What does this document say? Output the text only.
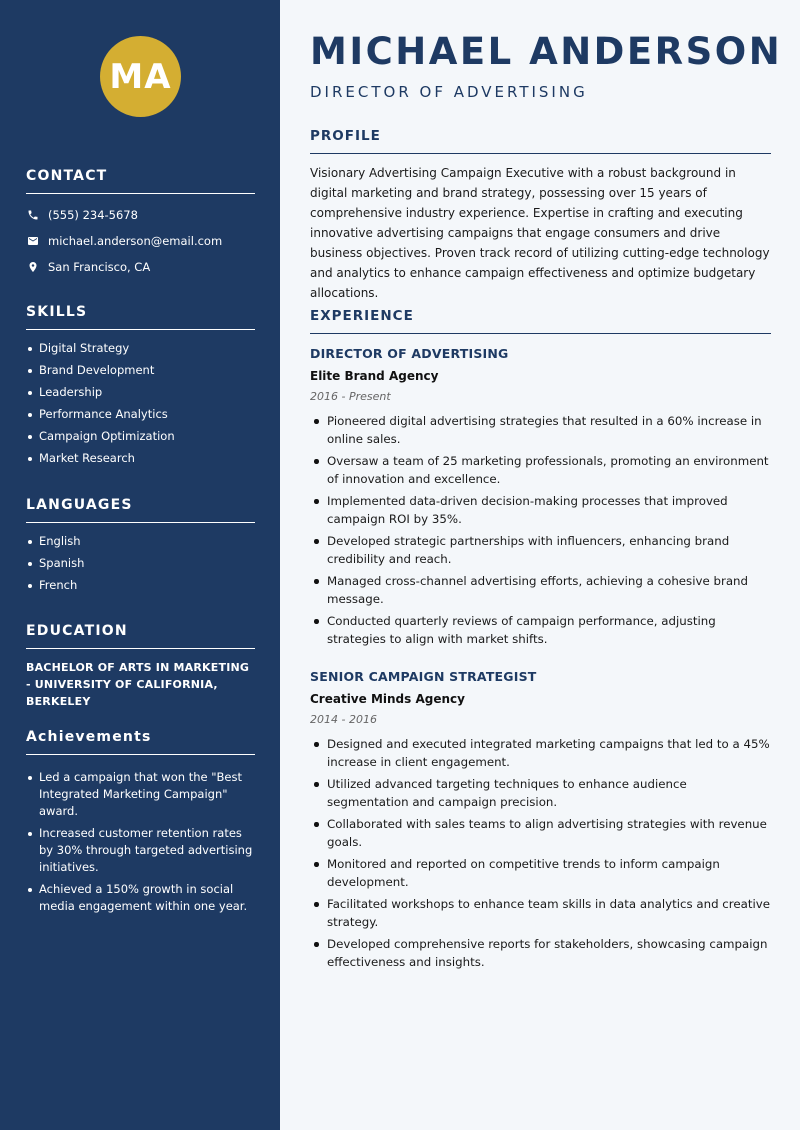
MA
CONTACT
(555) 234-5678
michael.anderson@email.com
San Francisco, CA
SKILLS
Digital Strategy
Brand Development
Leadership
Performance Analytics
Campaign Optimization
Market Research
LANGUAGES
English
Spanish
French
EDUCATION
BACHELOR OF ARTS IN MARKETING - UNIVERSITY OF CALIFORNIA, BERKELEY
Achievements
Led a campaign that won the "Best Integrated Marketing Campaign" award.
Increased customer retention rates by 30% through targeted advertising initiatives.
Achieved a 150% growth in social media engagement within one year.
MICHAEL ANDERSON
DIRECTOR OF ADVERTISING
PROFILE
Visionary Advertising Campaign Executive with a robust background in digital marketing and brand strategy, possessing over 15 years of comprehensive industry experience. Expertise in crafting and executing innovative advertising campaigns that engage consumers and drive business objectives. Proven track record of utilizing cutting-edge technology and analytics to enhance campaign effectiveness and optimize budgetary allocations.
EXPERIENCE
DIRECTOR OF ADVERTISING
Elite Brand Agency
2016 - Present
Pioneered digital advertising strategies that resulted in a 60% increase in online sales.
Oversaw a team of 25 marketing professionals, promoting an environment of innovation and excellence.
Implemented data-driven decision-making processes that improved campaign ROI by 35%.
Developed strategic partnerships with influencers, enhancing brand credibility and reach.
Managed cross-channel advertising efforts, achieving a cohesive brand message.
Conducted quarterly reviews of campaign performance, adjusting strategies to align with market shifts.
SENIOR CAMPAIGN STRATEGIST
Creative Minds Agency
2014 - 2016
Designed and executed integrated marketing campaigns that led to a 45% increase in client engagement.
Utilized advanced targeting techniques to enhance audience segmentation and campaign precision.
Collaborated with sales teams to align advertising strategies with revenue goals.
Monitored and reported on competitive trends to inform campaign development.
Facilitated workshops to enhance team skills in data analytics and creative strategy.
Developed comprehensive reports for stakeholders, showcasing campaign effectiveness and insights.
